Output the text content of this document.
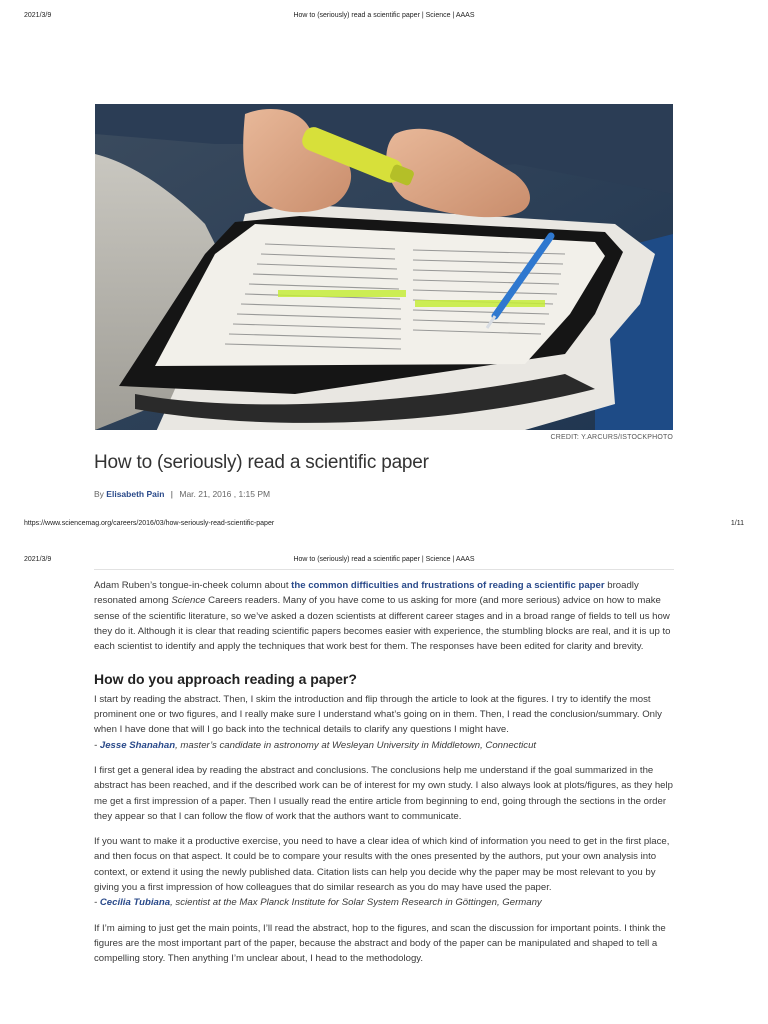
2021/3/9	How to (seriously) read a scientific paper | Science | AAAS
CREDIT: Y.ARCURS/ISTOCKPHOTO
How to (seriously) read a scientific paper
By Elisabeth Pain | Mar. 21, 2016 , 1:15 PM
https://www.sciencemag.org/careers/2016/03/how-seriously-read-scientific-paper	1/11
2021/3/9	How to (seriously) read a scientific paper | Science | AAAS

Adam Ruben’s tongue-in-cheek column about the common difficulties and frustrations of reading a scientific paper broadly resonated among Science Careers readers. Many of you have come to us asking for more (and more serious) advice on how to make sense of the scientific literature, so we’ve asked a dozen scientists at different career stages and in a broad range of fields to tell us how they do it. Although it is clear that reading scientific papers becomes easier with experience, the stumbling blocks are real, and it is up to each scientist to identify and apply the techniques that work best for them. The responses have been edited for clarity and brevity.

How do you approach reading a paper?

I start by reading the abstract. Then, I skim the introduction and flip through the article to look at the figures. I try to identify the most prominent one or two figures, and I really make sure I understand what’s going on in them. Then, I read the conclusion/summary. Only when I have done that will I go back into the technical details to clarify any questions I might have.
- Jesse Shanahan, master’s candidate in astronomy at Wesleyan University in Middletown, Connecticut

I first get a general idea by reading the abstract and conclusions. The conclusions help me understand if the goal summarized in the abstract has been reached, and if the described work can be of interest for my own study. I also always look at plots/figures, as they help me get a first impression of a paper. Then I usually read the entire article from beginning to end, going through the sections in the order they appear so that I can follow the flow of work that the authors want to communicate.

If you want to make it a productive exercise, you need to have a clear idea of which kind of information you need to get in the first place, and then focus on that aspect. It could be to compare your results with the ones presented by the authors, put your own analysis into context, or extend it using the newly published data. Citation lists can help you decide why the paper may be most relevant to you by giving you a first impression of how colleagues that do similar research as you do may have used the paper.
- Cecilia Tubiana, scientist at the Max Planck Institute for Solar System Research in Göttingen, Germany

If I’m aiming to just get the main points, I’ll read the abstract, hop to the figures, and scan the discussion for important points. I think the figures are the most important part of the paper, because the abstract and body of the paper can be manipulated and shaped to tell a compelling story. Then anything I’m unclear about, I head to the methodology.
